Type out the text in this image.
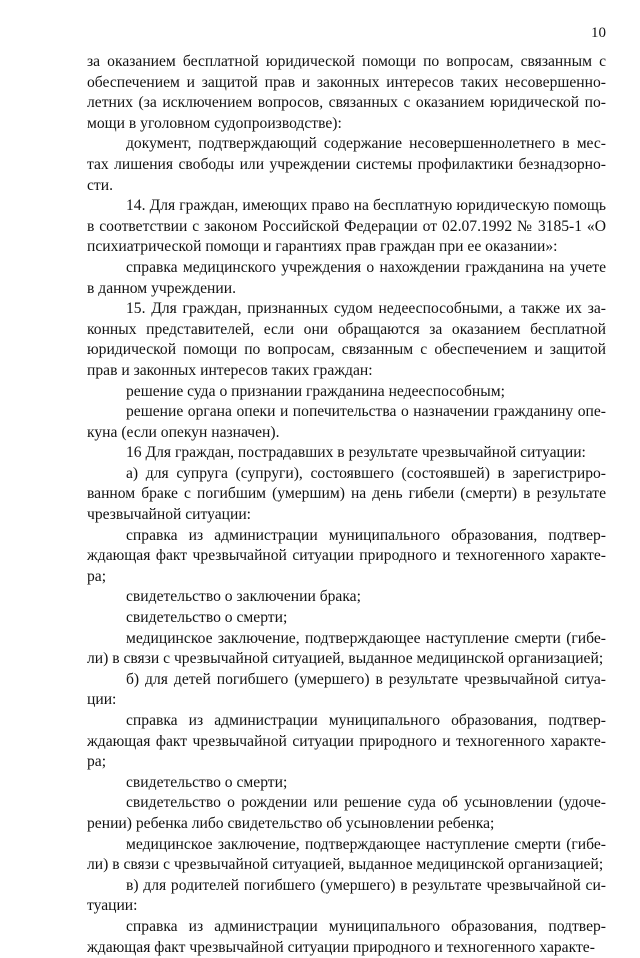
10

за оказанием бесплатной юридической помощи по вопросам, связанным с обеспечением и защитой прав и законных интересов таких несовершеннолетних (за исключением вопросов, связанных с оказанием юридической помощи в уголовном судопроизводстве):

документ, подтверждающий содержание несовершеннолетнего в местах лишения свободы или учреждении системы профилактики безнадзорности.

14. Для граждан, имеющих право на бесплатную юридическую помощь в соответствии с законом Российской Федерации от 02.07.1992 № 3185-1 «О психиатрической помощи и гарантиях прав граждан при ее оказании»:

справка медицинского учреждения о нахождении гражданина на учете в данном учреждении.

15. Для граждан, признанных судом недееспособными, а также их законных представителей, если они обращаются за оказанием бесплатной юридической помощи по вопросам, связанным с обеспечением и защитой прав и законных интересов таких граждан:

решение суда о признании гражданина недееспособным;

решение органа опеки и попечительства о назначении гражданину опекуна (если опекун назначен).

16 Для граждан, пострадавших в результате чрезвычайной ситуации:

а) для супруга (супруги), состоявшего (состоявшей) в зарегистрированном браке с погибшим (умершим) на день гибели (смерти) в результате чрезвычайной ситуации:

справка из администрации муниципального образования, подтверждающая факт чрезвычайной ситуации природного и техногенного характера;

свидетельство о заключении брака;

свидетельство о смерти;

медицинское заключение, подтверждающее наступление смерти (гибели) в связи с чрезвычайной ситуацией, выданное медицинской организацией;

б) для детей погибшего (умершего) в результате чрезвычайной ситуации:

справка из администрации муниципального образования, подтверждающая факт чрезвычайной ситуации природного и техногенного характера;

свидетельство о смерти;

свидетельство о рождении или решение суда об усыновлении (удочерении) ребенка либо свидетельство об усыновлении ребенка;

медицинское заключение, подтверждающее наступление смерти (гибели) в связи с чрезвычайной ситуацией, выданное медицинской организацией;

в) для родителей погибшего (умершего) в результате чрезвычайной ситуации:

справка из администрации муниципального образования, подтверждающая факт чрезвычайной ситуации природного и техногенного характе-
